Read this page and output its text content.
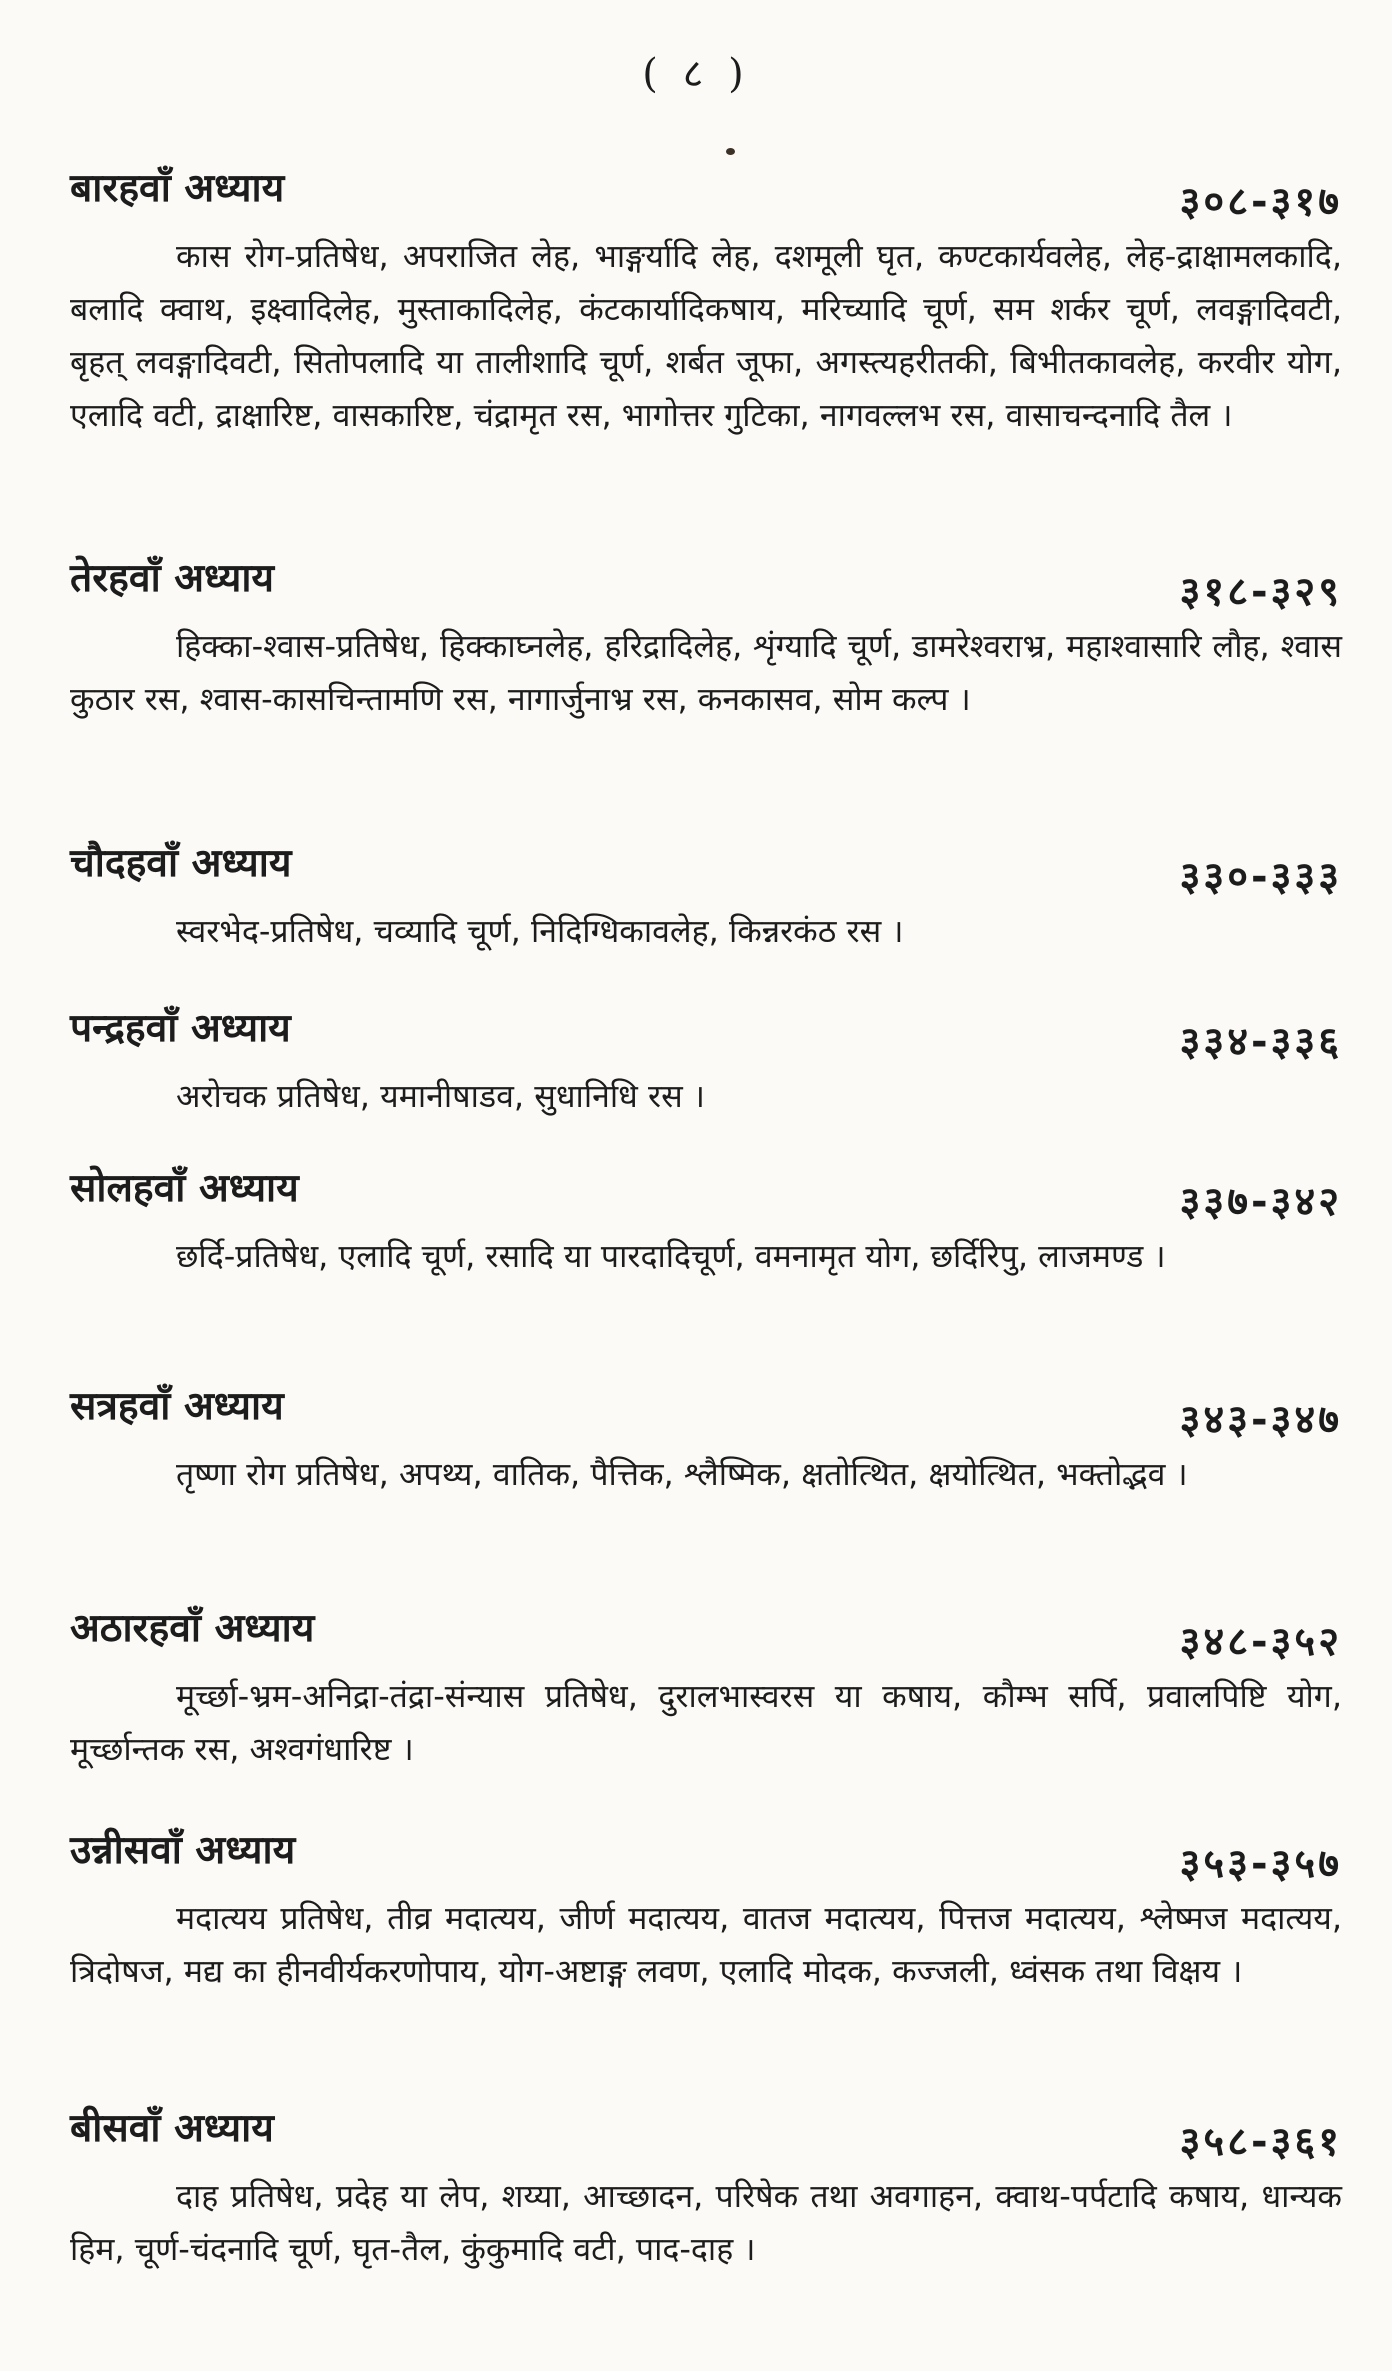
( ८ )
बारहवाँ अध्याय	३०८-३१७

कास रोग-प्रतिषेध, अपराजित लेह, भाङ्गर्यादि लेह, दशमूली घृत, कण्टकार्यवलेह, लेह-द्राक्षामलकादि, बलादि क्वाथ, इक्ष्वादिलेह, मुस्ताकादिलेह, कंटकार्यादिकषाय, मरिच्यादि चूर्ण, सम शर्कर चूर्ण, लवङ्गादिवटी, बृहत् लवङ्गादिवटी, सितोपलादि या तालीशादि चूर्ण, शर्बत जूफा, अगस्त्यहरीतकी, बिभीतकावलेह, करवीर योग, एलादि वटी, द्राक्षारिष्ट, वासकारिष्ट, चंद्रामृत रस, भागोत्तर गुटिका, नागवल्लभ रस, वासाचन्दनादि तैल ।

तेरहवाँ अध्याय	३१८-३२९

हिक्का-श्वास-प्रतिषेध, हिक्काघ्नलेह, हरिद्रादिलेह, शृंग्यादि चूर्ण, डामरेश्वराभ्र, महाश्वासारि लौह, श्वास कुठार रस, श्वास-कासचिन्तामणि रस, नागार्जुनाभ्र रस, कनकासव, सोम कल्प ।

चौदहवाँ अध्याय	३३०-३३३

स्वरभेद-प्रतिषेध, चव्यादि चूर्ण, निदिग्धिकावलेह, किन्नरकंठ रस ।

पन्द्रहवाँ अध्याय	३३४-३३६

अरोचक प्रतिषेध, यमानीषाडव, सुधानिधि रस ।

सोलहवाँ अध्याय	३३७-३४२

छर्दि-प्रतिषेध, एलादि चूर्ण, रसादि या पारदादिचूर्ण, वमनामृत योग, छर्दिरिपु, लाजमण्ड ।

सत्रहवाँ अध्याय	३४३-३४७

तृष्णा रोग प्रतिषेध, अपथ्य, वातिक, पैत्तिक, श्लैष्मिक, क्षतोत्थित, क्षयोत्थित, भक्तोद्भव ।

अठारहवाँ अध्याय	३४८-३५२

मूर्च्छा-भ्रम-अनिद्रा-तंद्रा-संन्यास प्रतिषेध, दुरालभास्वरस या कषाय, कौम्भ सर्पि, प्रवालपिष्टि योग, मूर्च्छान्तक रस, अश्वगंधारिष्ट ।

उन्नीसवाँ अध्याय	३५३-३५७

मदात्यय प्रतिषेध, तीव्र मदात्यय, जीर्ण मदात्यय, वातज मदात्यय, पित्तज मदात्यय, श्लेष्मज मदात्यय, त्रिदोषज, मद्य का हीनवीर्यकरणोपाय, योग-अष्टाङ्ग लवण, एलादि मोदक, कज्जली, ध्वंसक तथा विक्षय ।

बीसवाँ अध्याय	३५८-३६१

दाह प्रतिषेध, प्रदेह या लेप, शय्या, आच्छादन, परिषेक तथा अवगाहन, क्वाथ-पर्पटादि कषाय, धान्यक हिम, चूर्ण-चंदनादि चूर्ण, घृत-तैल, कुंकुमादि वटी, पाद-दाह ।
